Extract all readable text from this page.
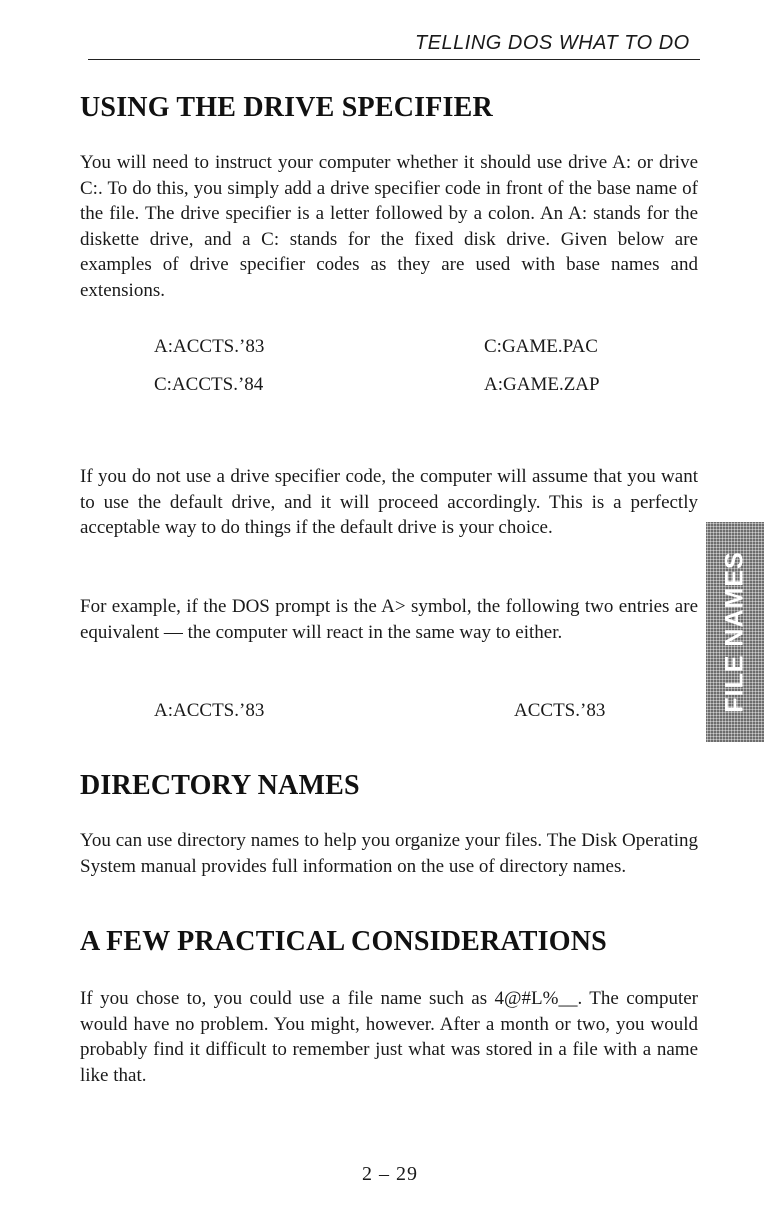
TELLING DOS WHAT TO DO
USING THE DRIVE SPECIFIER

You will need to instruct your computer whether it should use drive A: or drive C:. To do this, you simply add a drive specifier code in front of the base name of the file. The drive specifier is a letter followed by a colon. An A: stands for the diskette drive, and a C: stands for the fixed disk drive. Given below are examples of drive specifier codes as they are used with base names and extensions.

A:ACCTS.’83	C:GAME.PAC
C:ACCTS.’84	A:GAME.ZAP

If you do not use a drive specifier code, the computer will assume that you want to use the default drive, and it will proceed accordingly. This is a perfectly acceptable way to do things if the default drive is your choice.

For example, if the DOS prompt is the A> symbol, the following two entries are equivalent — the computer will react in the same way to either.

A:ACCTS.’83	ACCTS.’83
DIRECTORY NAMES

You can use directory names to help you organize your files. The Disk Operating System manual provides full information on the use of directory names.

A FEW PRACTICAL CONSIDERATIONS

If you chose to, you could use a file name such as 4@#L%__. The computer would have no problem. You might, however. After a month or two, you would probably find it difficult to remember just what was stored in a file with a name like that.

FILE NAMES
2 – 29
